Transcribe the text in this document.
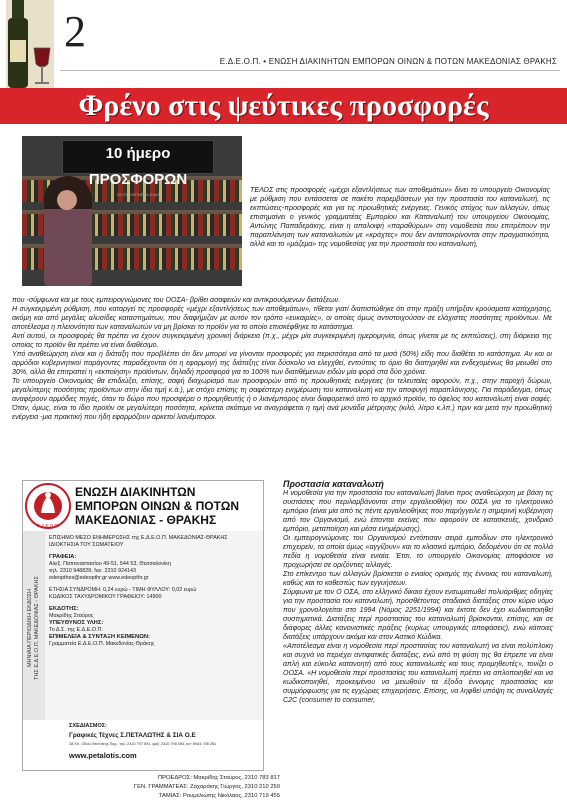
2
Ε.Δ.Ε.Ο.Π. • ΕΝΩΣΗ ΔΙΑΚΙΝΗΤΩΝ ΕΜΠΟΡΩΝ ΟΙΝΩΝ & ΠΟΤΩΝ ΜΑΚΕΔΟΝΙΑΣ ΘΡΑΚΗΣ
Φρένο στις ψεύτικες προσφορές
10 ήμερο ΠΡΟΣΦΟΡΩΝ
ΣΕ ΕΠΙΛΕΓΜΕΝΑ ΕΙΔΗ

ΤΕΛΟΣ στις προσφορές «μέχρι εξαντλήσεως των αποθεμάτων» δίνει το υπουργείο Οικονομίας με ρύθμιση που εντάσσεται σε πακέτο παρεμβάσεων για την προστασία του καταναλωτή, τις εκπτώσεις-προσφορές και για τις προωθητικές ενέργειες. Γενικός στόχος των αλλαγών, όπως επισημαίνει ο γενικός γραμματέας Εμπορίου και Καταναλωτή του υπουργείου Οικονομίας, Αντώνης Παπαδεράκης, είναι η απαλοιφή «παραθύρων» στη νομοθεσία που επιτρέπουν την παραπλάνηση των καταναλωτών με «κράχτες» που δεν ανταποκρίνονται στην πραγματικότητα, αλλά και το «μάζεμα» της νομοθεσίας για την προστασία του καταναλωτή,

που -σύμφωνα και με τους εμπειρογνώμονες του ΟΟΣΑ- βρίθει ασαφειών και αντικρουόμενων διατάξεων.

Η συγκεκριμένη ρύθμιση, που καταργεί τις προσφορές «μέχρι εξαντλήσεως των αποθεμάτων», τίθεται γιατί διαπιστώθηκε ότι στην πράξη υπήρξαν κρούσματα κατάχρησης, ακόμη και από μεγάλες αλυσίδες καταστημάτων, που διαφήμιζαν με αυτόν τον τρόπο «ευκαιρίες», οι οποίες όμως αντιστοιχούσαν σε ελάχιστες ποσότητες προϊόντων. Με αποτέλεσμα η πλειονότητα των καταναλωτών να μη βρίσκει το προϊόν για το οποίο επισκέφθηκε το κατάστημα.

Αντί αυτού, οι προσφορές θα πρέπει να έχουν συγκεκριμένη χρονική διάρκεια (π.χ., μέχρι μία συγκεκριμένη ημερομηνία, όπως γίνεται με τις εκπτώσεις), στη διάρκεια της οποίας το προϊόν θα πρέπει να είναι διαθέσιμο.

Υπό αναθεώρηση είναι και η διάταξη που προβλέπει ότι δεν μπορεί να γίνονται προσφορές για περισσότερα από τα μισά (50%) είδη που διαθέτει το κατάστημα. Αν και οι αρμόδιοι κυβερνητικοί παράγοντες παραδέχονται ότι η εφαρμογή της διάταξης είναι δύσκολο να ελεγχθεί, εντούτοις το όριο θα διατηρηθεί και ενδεχομένως θα μειωθεί στο 30%, αλλά θα επιτραπεί η «εκποίηση» προϊόντων, δηλαδή προσφορά για το 100% των διατιθέμενων ειδών μία φορά στα δύο χρόνια.

Το υπουργείο Οικονομίας θα επιδιώξει, επίσης, σαφή διαχωρισμό των προσφορών από τις προωθητικές ενέργειες (οι τελευταίες αφορούν, π.χ., στην παροχή δώρων, μεγαλύτερης ποσότητας προϊόντων στην ίδια τιμή κ.ά.), με στόχο επίσης τη σαφέστερη ενημέρωση του καταναλωτή και την αποφυγή παραπλάνησης. Για παράδειγμα, όπως αναφέρουν αρμόδιες πηγές, όταν το δώρο που προσφέρει ο προμηθευτής ή ο λιανέμπορος είναι διαφορετικό από το αρχικό προϊόν, το όφελος του καταναλωτή είναι σαφές. Όταν, όμως, είναι το ίδιο προϊόν σε μεγαλύτερη ποσότητα, κρίνεται σκόπιμο να αναγράφεται η τιμή ανά μονάδα μέτρησης (κιλό, λίτρο κ.λπ.) πριν και μετά την προωθητική ενέργεια -μια πρακτική που ήδη εφαρμόζουν αρκετοί λιανέμποροι.

Προστασία καταναλωτή

Η νομοθεσία για την προστασία του καταναλωτή βαίνει προς αναθεώρηση με βάση τις συστάσεις που περιλαμβάνονται στην εργαλειοθήκη του 00ΣΑ για το ηλεκτρονικό εμπόριο (είναι μία από τις πέντε εργαλειοθήκες που παρήγγειλε η σημερινή κυβέρνηση από τον Οργανισμό, ενώ έπονται εκείνες που αφορούν σε κατασκευές, χονδρικό εμπόριο, μεταποίηση και μέσα ενημέρωσης).

Οι εμπειρογνώμονες του Οργανισμού εντόπισαν σειρά εμποδίων στο ηλεκτρονικό επιχειρείν, τα οποία όμως «αγγίζουν» και το κλασικό εμπόριο, δεδομένου ότι σε πολλά πεδία η νομοθεσία είναι ενιαία. Έτσι, το υπουργείο Οικονομίας αποφάσισε να προχωρήσει σε οριζόντιες αλλαγές.

Στο επίκεντρο των αλλαγών βρίσκεται ο ενιαίος ορισμός της έννοιας του καταναλωτή, καθώς και το καθεστώς των εγγυήσεων.

Σύμφωνα με τον Ο ΟΣΑ, στο ελληνικό δίκαιο έχουν ενσωματωθεί πολυάριθμες οδηγίες για την προστασία του καταναλωτή, προσθέτοντας σταδιακά διατάξεις στον κύριο νόμο που χρονολογείται στο 1994 (Νόμος 2251/1994) και έκτοτε δεν έχει κωδικοποιηθεί συστηματικά. Διατάξεις περί προστασίας του καταναλωτή βρίσκονται, επίσης, και σε διάφορες άλλες κανονιστικές πράξεις (κυρίως υπουργικές αποφάσεις), ενώ κάποιες διατάξεις υπάρχουν ακόμα και στον Αστικό Κώδικα.

«Αποτέλεσμα είναι η νομοθεσία περί προστασίας του καταναλωτή να είναι πολύπλοκη και συχνά να περιέχει αντιφατικές διατάξεις, ενώ από τη φύση της θα έπρεπε να είναι απλή και εύκολα κατανοητή από τους καταναλωτές και τους προμηθευτές», τονίζει ο ΟΟΣΑ. «Η νομοθεσία περί προστασίας του καταναλωτή πρέπει να απλοποιηθεί και να κωδικοποιηθεί, προκειμένου να μειωθούν τα έξοδα έννομης προστασίας και συμμόρφωσης για τις εγχώριες επιχειρήσεις. Επίσης, να ληφθεί υπόψη τις συναλλαγές C2C (consumer to consumer,

Ε.Δ.Ε.Ο.Π.
ΕΝΩΣΗ ΔΙΑΚΙΝΗΤΩΝ ΕΜΠΟΡΩΝ ΟΙΝΩΝ & ΠΟΤΩΝ
ΜΑΚΕΔΟΝΙΑΣ - ΘΡΑΚΗΣ
ΜΗΝΙΑΙΑ ΠΕΡΙΟΔΙΚΗ ΕΚΔΟΣΗ
ΤΗΣ Ε.Δ.Ε.Ο.Π. ΜΑΚΕΔΟΝΙΑΣ - ΘΡΑΚΗΣ
ΕΠΙΣΗΜΟ ΜΕΣΟ ΕΝΗΜΕΡΩΣΗΣ της Ε.Δ.Ε.Ο.Π. ΜΑΚΕΔΟΝΙΑΣ-ΘΡΑΚΗΣ
ΙΔΙΟΚΤΗΣΙΑ ΤΟΥ ΣΩΜΑΤΕΙΟΥ
ΓΡΑΦΕΙΑ:
Αλεξ. Παπαναστασίου 49-51, 544 53, Θεσσαλονίκη
τηλ. 2310 948828, fax. 2310 924143
edeopthes@edeopthr.gr www.edeopthr.gr
ΕΤΗΣΙΑ ΣΥΝΔΡΟΜΗ: 0,24 ευρώ - ΤΙΜΗ ΦΥΛΛΟΥ: 0,02 ευρώ
ΚΩΔΙΚΟΣ ΤΑΧΥΔΡΟΜΙΚΟΥ ΓΡΑΦΕΙΟΥ: 14900
ΕΚΔΟΤΗΣ:
Μακρίδης Σταύρος
ΥΠΕΥΘΥΝΟΣ ΥΛΗΣ:
Το Δ.Σ. της Ε.Δ.Ε.Ο.Π.
ΕΠΙΜΕΛΕΙΑ & ΣΥΝΤΑΞΗ ΚΕΙΜΕΝΩΝ:
Γραμματεία Ε.Δ.Ε.Ο.Π. Μακεδονίας-Θράκης
ΣΧΕΔΙΑΣΜΟΣ:
Γραφικές Τέχνες Σ.ΠΕΤΑΛΩΤΗΣ & ΣΙΑ Ο.Ε
18 ΧΛ. Οδού Θεσ/νίκης-Περ., τηλ: 2310 797 591, φαξ: 2310 798 084, κιν: 6944 798 281
www.petalotis.com
ΠΡΟΕΔΡΟΣ: Μακρίδης Σταύρος, 2310 783 817
ΓΕΝ. ΓΡΑΜΜΑΤΕΑΣ: Ζαχαράκης Γιώργος, 2310 210 250
ΤΑΜΙΑΣ: Ρουμελιώτης Νικόλαος, 2310 719 455
